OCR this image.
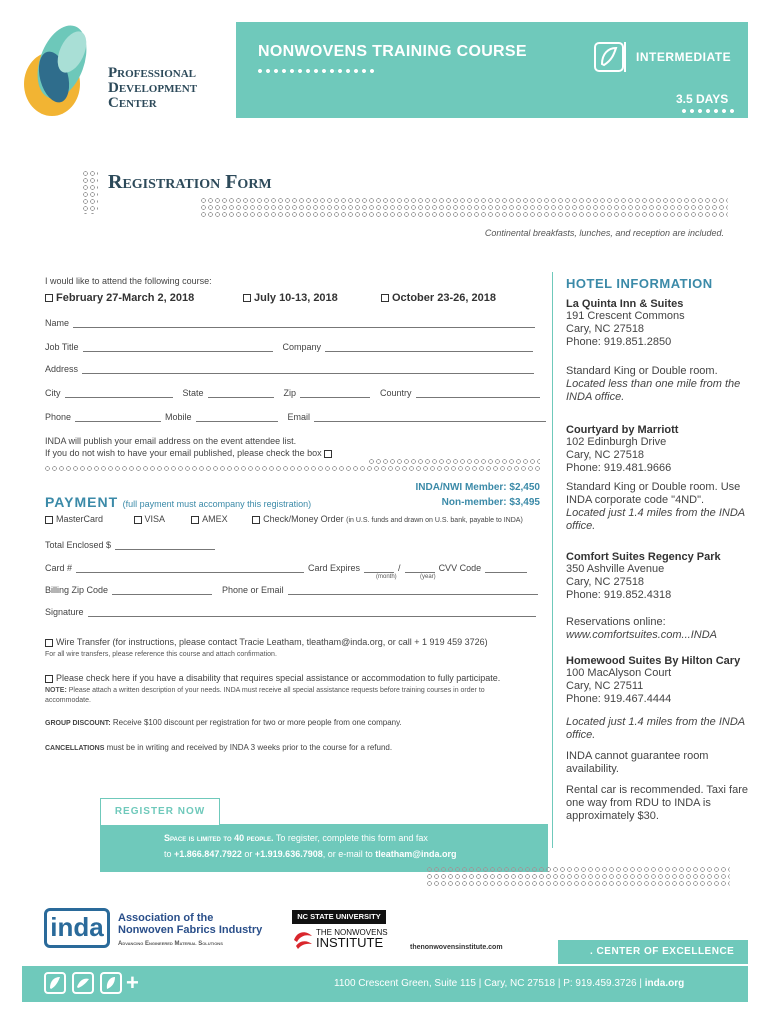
Professional
Development
Center
NONWOVENS TRAINING COURSE	INTERMEDIATE
3.5 DAYS
Registration Form
Continental breakfasts, lunches, and reception are included.
I would like to attend the following course:
February 27-March 2, 2018	July 10-13, 2018	October 23-26, 2018
Name
Job Title	Company
Address
City	State	Zip	Country
Phone	Mobile	Email
INDA will publish your email address on the event attendee list.
If you do not wish to have your email published, please check the box
INDA/NWI Member: $2,450
Non-member: $3,495
PAYMENT (full payment must accompany this registration)
MasterCard	VISA	AMEX	Check/Money Order (in U.S. funds and drawn on U.S. bank, payable to INDA)
Total Enclosed $
Card #	Card Expires	/	CVV Code
(month)	(year)
Billing Zip Code	Phone or Email
Signature
Wire Transfer (for instructions, please contact Tracie Leatham, tleatham@inda.org, or call + 1 919 459 3726)
For all wire transfers, please reference this course and attach confirmation.
Please check here if you have a disability that requires special assistance or accommodation to fully participate.
NOTE: Please attach a written description of your needs. INDA must receive all special assistance requests before training courses in order to accommodate.
GROUP DISCOUNT: Receive $100 discount per registration for two or more people from one company.
CANCELLATIONS must be in writing and received by INDA 3 weeks prior to the course for a refund.
HOTEL INFORMATION
La Quinta Inn & Suites
191 Crescent Commons
Cary, NC 27518
Phone: 919.851.2850
Standard King or Double room.
Located less than one mile from the INDA office.
Courtyard by Marriott
102 Edinburgh Drive
Cary, NC 27518
Phone: 919.481.9666
Standard King or Double room. Use INDA corporate code "4ND".
Located just 1.4 miles from the INDA office.
Comfort Suites Regency Park
350 Ashville Avenue
Cary, NC 27518
Phone: 919.852.4318
Reservations online:
www.comfortsuites.com...INDA
Homewood Suites By Hilton Cary
100 MacAlyson Court
Cary, NC 27511
Phone: 919.467.4444
Located just 1.4 miles from the INDA office.
INDA cannot guarantee room availability.
Rental car is recommended. Taxi fare one way from RDU to INDA is approximately $30.
REGISTER NOW
Space is limited to 40 people. To register, complete this form and fax
to +1.866.847.7922 or +1.919.636.7908, or e-mail to tleatham@inda.org
inda	Association of the
Nonwoven Fabrics Industry
Advancing Engineered Material Solutions
NC STATE UNIVERSITY
THE NONWOVENS
INSTITUTE	thenonwovensinstitute.com	. CENTER OF EXCELLENCE
+	1100 Crescent Green, Suite 115 | Cary, NC 27518 | P: 919.459.3726 | inda.org
